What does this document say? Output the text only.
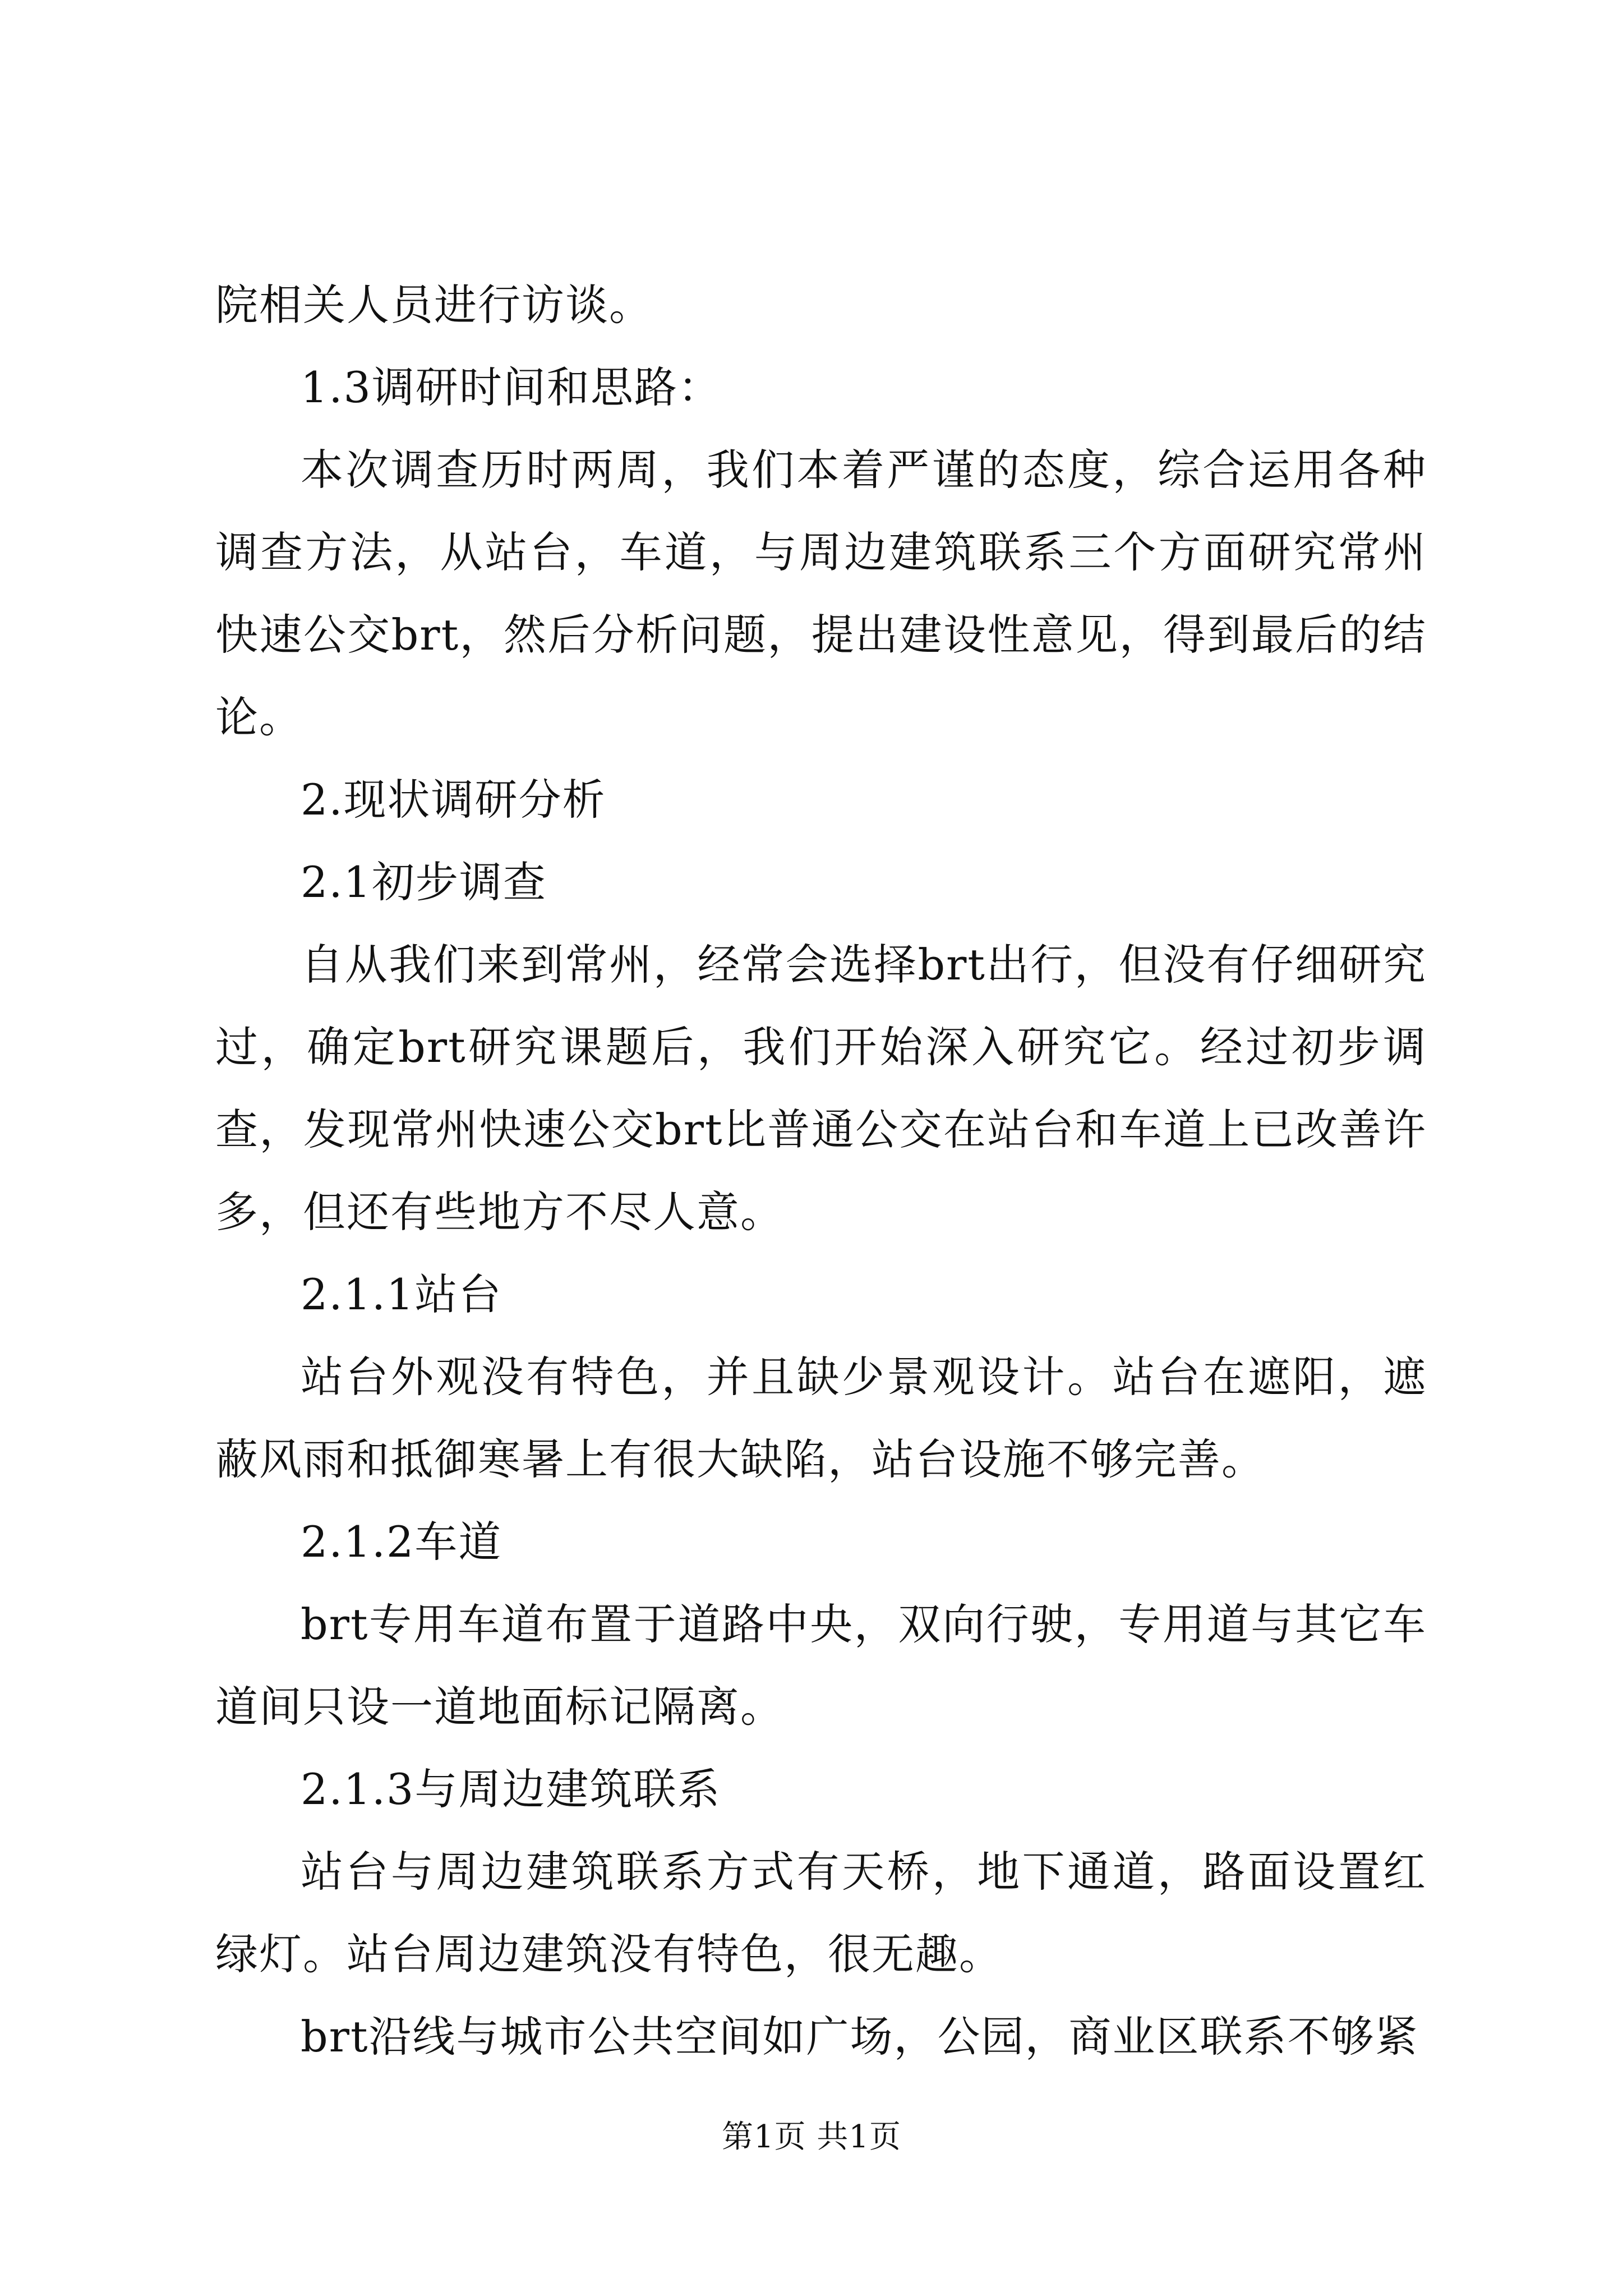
院相关人员进行访谈。

1.3调研时间和思路：

本次调查历时两周，我们本着严谨的态度，综合运用各种调查方法，从站台，车道，与周边建筑联系三个方面研究常州快速公交brt，然后分析问题，提出建设性意见，得到最后的结论。

2.现状调研分析

2.1初步调查

自从我们来到常州，经常会选择brt出行，但没有仔细研究过，确定brt研究课题后，我们开始深入研究它。经过初步调查，发现常州快速公交brt比普通公交在站台和车道上已改善许多，但还有些地方不尽人意。

2.1.1站台

站台外观没有特色，并且缺少景观设计。站台在遮阳，遮蔽风雨和抵御寒暑上有很大缺陷，站台设施不够完善。

2.1.2车道

brt专用车道布置于道路中央，双向行驶，专用道与其它车道间只设一道地面标记隔离。

2.1.3与周边建筑联系

站台与周边建筑联系方式有天桥，地下通道，路面设置红绿灯。站台周边建筑没有特色，很无趣。

brt沿线与城市公共空间如广场，公园，商业区联系不够紧

第1页 共1页
